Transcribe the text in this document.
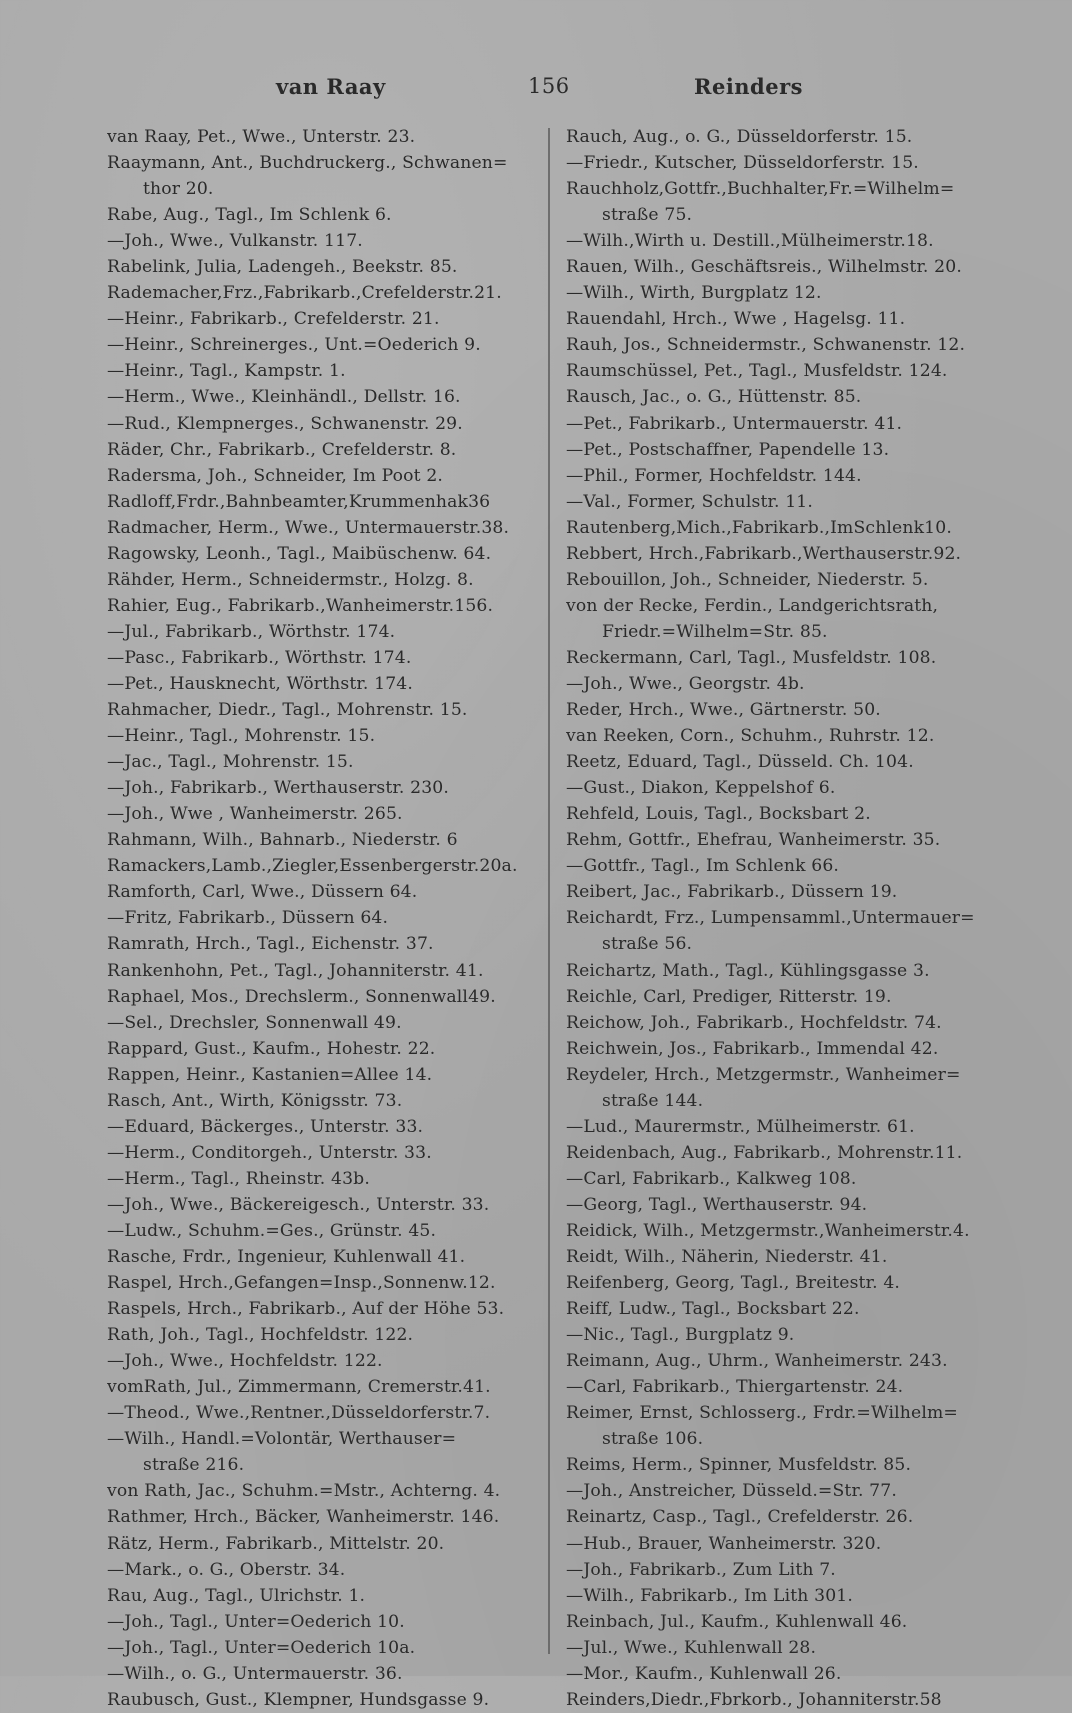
van Raay	156	Reinders
van Raay, Pet., Wwe., Unterstr. 23.
Raaymann, Ant., Buchdruckerg., Schwanen=
thor 20.
Rabe, Aug., Tagl., Im Schlenk 6.
—Joh., Wwe., Vulkanstr. 117.
Rabelink, Julia, Ladengeh., Beekstr. 85.
Rademacher,Frz.,Fabrikarb.,Crefelderstr.21.
—Heinr., Fabrikarb., Crefelderstr. 21.
—Heinr., Schreinerges., Unt.=Oederich 9.
—Heinr., Tagl., Kampstr. 1.
—Herm., Wwe., Kleinhändl., Dellstr. 16.
—Rud., Klempnerges., Schwanenstr. 29.
Räder, Chr., Fabrikarb., Crefelderstr. 8.
Radersma, Joh., Schneider, Im Poot 2.
Radloff,Frdr.,Bahnbeamter,Krummenhak36
Radmacher, Herm., Wwe., Untermauerstr.38.
Ragowsky, Leonh., Tagl., Maibüschenw. 64.
Rähder, Herm., Schneidermstr., Holzg. 8.
Rahier, Eug., Fabrikarb.,Wanheimerstr.156.
—Jul., Fabrikarb., Wörthstr. 174.
—Pasc., Fabrikarb., Wörthstr. 174.
—Pet., Hausknecht, Wörthstr. 174.
Rahmacher, Diedr., Tagl., Mohrenstr. 15.
—Heinr., Tagl., Mohrenstr. 15.
—Jac., Tagl., Mohrenstr. 15.
—Joh., Fabrikarb., Werthauserstr. 230.
—Joh., Wwe , Wanheimerstr. 265.
Rahmann, Wilh., Bahnarb., Niederstr. 6
Ramackers,Lamb.,Ziegler,Essenbergerstr.20a.
Ramforth, Carl, Wwe., Düssern 64.
—Fritz, Fabrikarb., Düssern 64.
Ramrath, Hrch., Tagl., Eichenstr. 37.
Rankenhohn, Pet., Tagl., Johanniterstr. 41.
Raphael, Mos., Drechslerm., Sonnenwall49.
—Sel., Drechsler, Sonnenwall 49.
Rappard, Gust., Kaufm., Hohestr. 22.
Rappen, Heinr., Kastanien=Allee 14.
Rasch, Ant., Wirth, Königsstr. 73.
—Eduard, Bäckerges., Unterstr. 33.
—Herm., Conditorgeh., Unterstr. 33.
—Herm., Tagl., Rheinstr. 43b.
—Joh., Wwe., Bäckereigesch., Unterstr. 33.
—Ludw., Schuhm.=Ges., Grünstr. 45.
Rasche, Frdr., Ingenieur, Kuhlenwall 41.
Raspel, Hrch.,Gefangen=Insp.,Sonnenw.12.
Raspels, Hrch., Fabrikarb., Auf der Höhe 53.
Rath, Joh., Tagl., Hochfeldstr. 122.
—Joh., Wwe., Hochfeldstr. 122.
vomRath, Jul., Zimmermann, Cremerstr.41.
—Theod., Wwe.,Rentner.,Düsseldorferstr.7.
—Wilh., Handl.=Volontär, Werthauser=
straße 216.
von Rath, Jac., Schuhm.=Mstr., Achterng. 4.
Rathmer, Hrch., Bäcker, Wanheimerstr. 146.
Rätz, Herm., Fabrikarb., Mittelstr. 20.
—Mark., o. G., Oberstr. 34.
Rau, Aug., Tagl., Ulrichstr. 1.
—Joh., Tagl., Unter=Oederich 10.
—Joh., Tagl., Unter=Oederich 10a.
—Wilh., o. G., Untermauerstr. 36.
Raubusch, Gust., Klempner, Hundsgasse 9.
Rauch, Aug., o. G., Düsseldorferstr. 15.
—Friedr., Kutscher, Düsseldorferstr. 15.
Rauchholz,Gottfr.,Buchhalter,Fr.=Wilhelm=
straße 75.
—Wilh.,Wirth u. Destill.,Mülheimerstr.18.
Rauen, Wilh., Geschäftsreis., Wilhelmstr. 20.
—Wilh., Wirth, Burgplatz 12.
Rauendahl, Hrch., Wwe , Hagelsg. 11.
Rauh, Jos., Schneidermstr., Schwanenstr. 12.
Raumschüssel, Pet., Tagl., Musfeldstr. 124.
Rausch, Jac., o. G., Hüttenstr. 85.
—Pet., Fabrikarb., Untermauerstr. 41.
—Pet., Postschaffner, Papendelle 13.
—Phil., Former, Hochfeldstr. 144.
—Val., Former, Schulstr. 11.
Rautenberg,Mich.,Fabrikarb.,ImSchlenk10.
Rebbert, Hrch.,Fabrikarb.,Werthauserstr.92.
Rebouillon, Joh., Schneider, Niederstr. 5.
von der Recke, Ferdin., Landgerichtsrath,
Friedr.=Wilhelm=Str. 85.
Reckermann, Carl, Tagl., Musfeldstr. 108.
—Joh., Wwe., Georgstr. 4b.
Reder, Hrch., Wwe., Gärtnerstr. 50.
van Reeken, Corn., Schuhm., Ruhrstr. 12.
Reetz, Eduard, Tagl., Düsseld. Ch. 104.
—Gust., Diakon, Keppelshof 6.
Rehfeld, Louis, Tagl., Bocksbart 2.
Rehm, Gottfr., Ehefrau, Wanheimerstr. 35.
—Gottfr., Tagl., Im Schlenk 66.
Reibert, Jac., Fabrikarb., Düssern 19.
Reichardt, Frz., Lumpensamml.,Untermauer=
straße 56.
Reichartz, Math., Tagl., Kühlingsgasse 3.
Reichle, Carl, Prediger, Ritterstr. 19.
Reichow, Joh., Fabrikarb., Hochfeldstr. 74.
Reichwein, Jos., Fabrikarb., Immendal 42.
Reydeler, Hrch., Metzgermstr., Wanheimer=
straße 144.
—Lud., Maurermstr., Mülheimerstr. 61.
Reidenbach, Aug., Fabrikarb., Mohrenstr.11.
—Carl, Fabrikarb., Kalkweg 108.
—Georg, Tagl., Werthauserstr. 94.
Reidick, Wilh., Metzgermstr.,Wanheimerstr.4.
Reidt, Wilh., Näherin, Niederstr. 41.
Reifenberg, Georg, Tagl., Breitestr. 4.
Reiff, Ludw., Tagl., Bocksbart 22.
—Nic., Tagl., Burgplatz 9.
Reimann, Aug., Uhrm., Wanheimerstr. 243.
—Carl, Fabrikarb., Thiergartenstr. 24.
Reimer, Ernst, Schlosserg., Frdr.=Wilhelm=
straße 106.
Reims, Herm., Spinner, Musfeldstr. 85.
—Joh., Anstreicher, Düsseld.=Str. 77.
Reinartz, Casp., Tagl., Crefelderstr. 26.
—Hub., Brauer, Wanheimerstr. 320.
—Joh., Fabrikarb., Zum Lith 7.
—Wilh., Fabrikarb., Im Lith 301.
Reinbach, Jul., Kaufm., Kuhlenwall 46.
—Jul., Wwe., Kuhlenwall 28.
—Mor., Kaufm., Kuhlenwall 26.
Reinders,Diedr.,Fbrkorb., Johanniterstr.58
